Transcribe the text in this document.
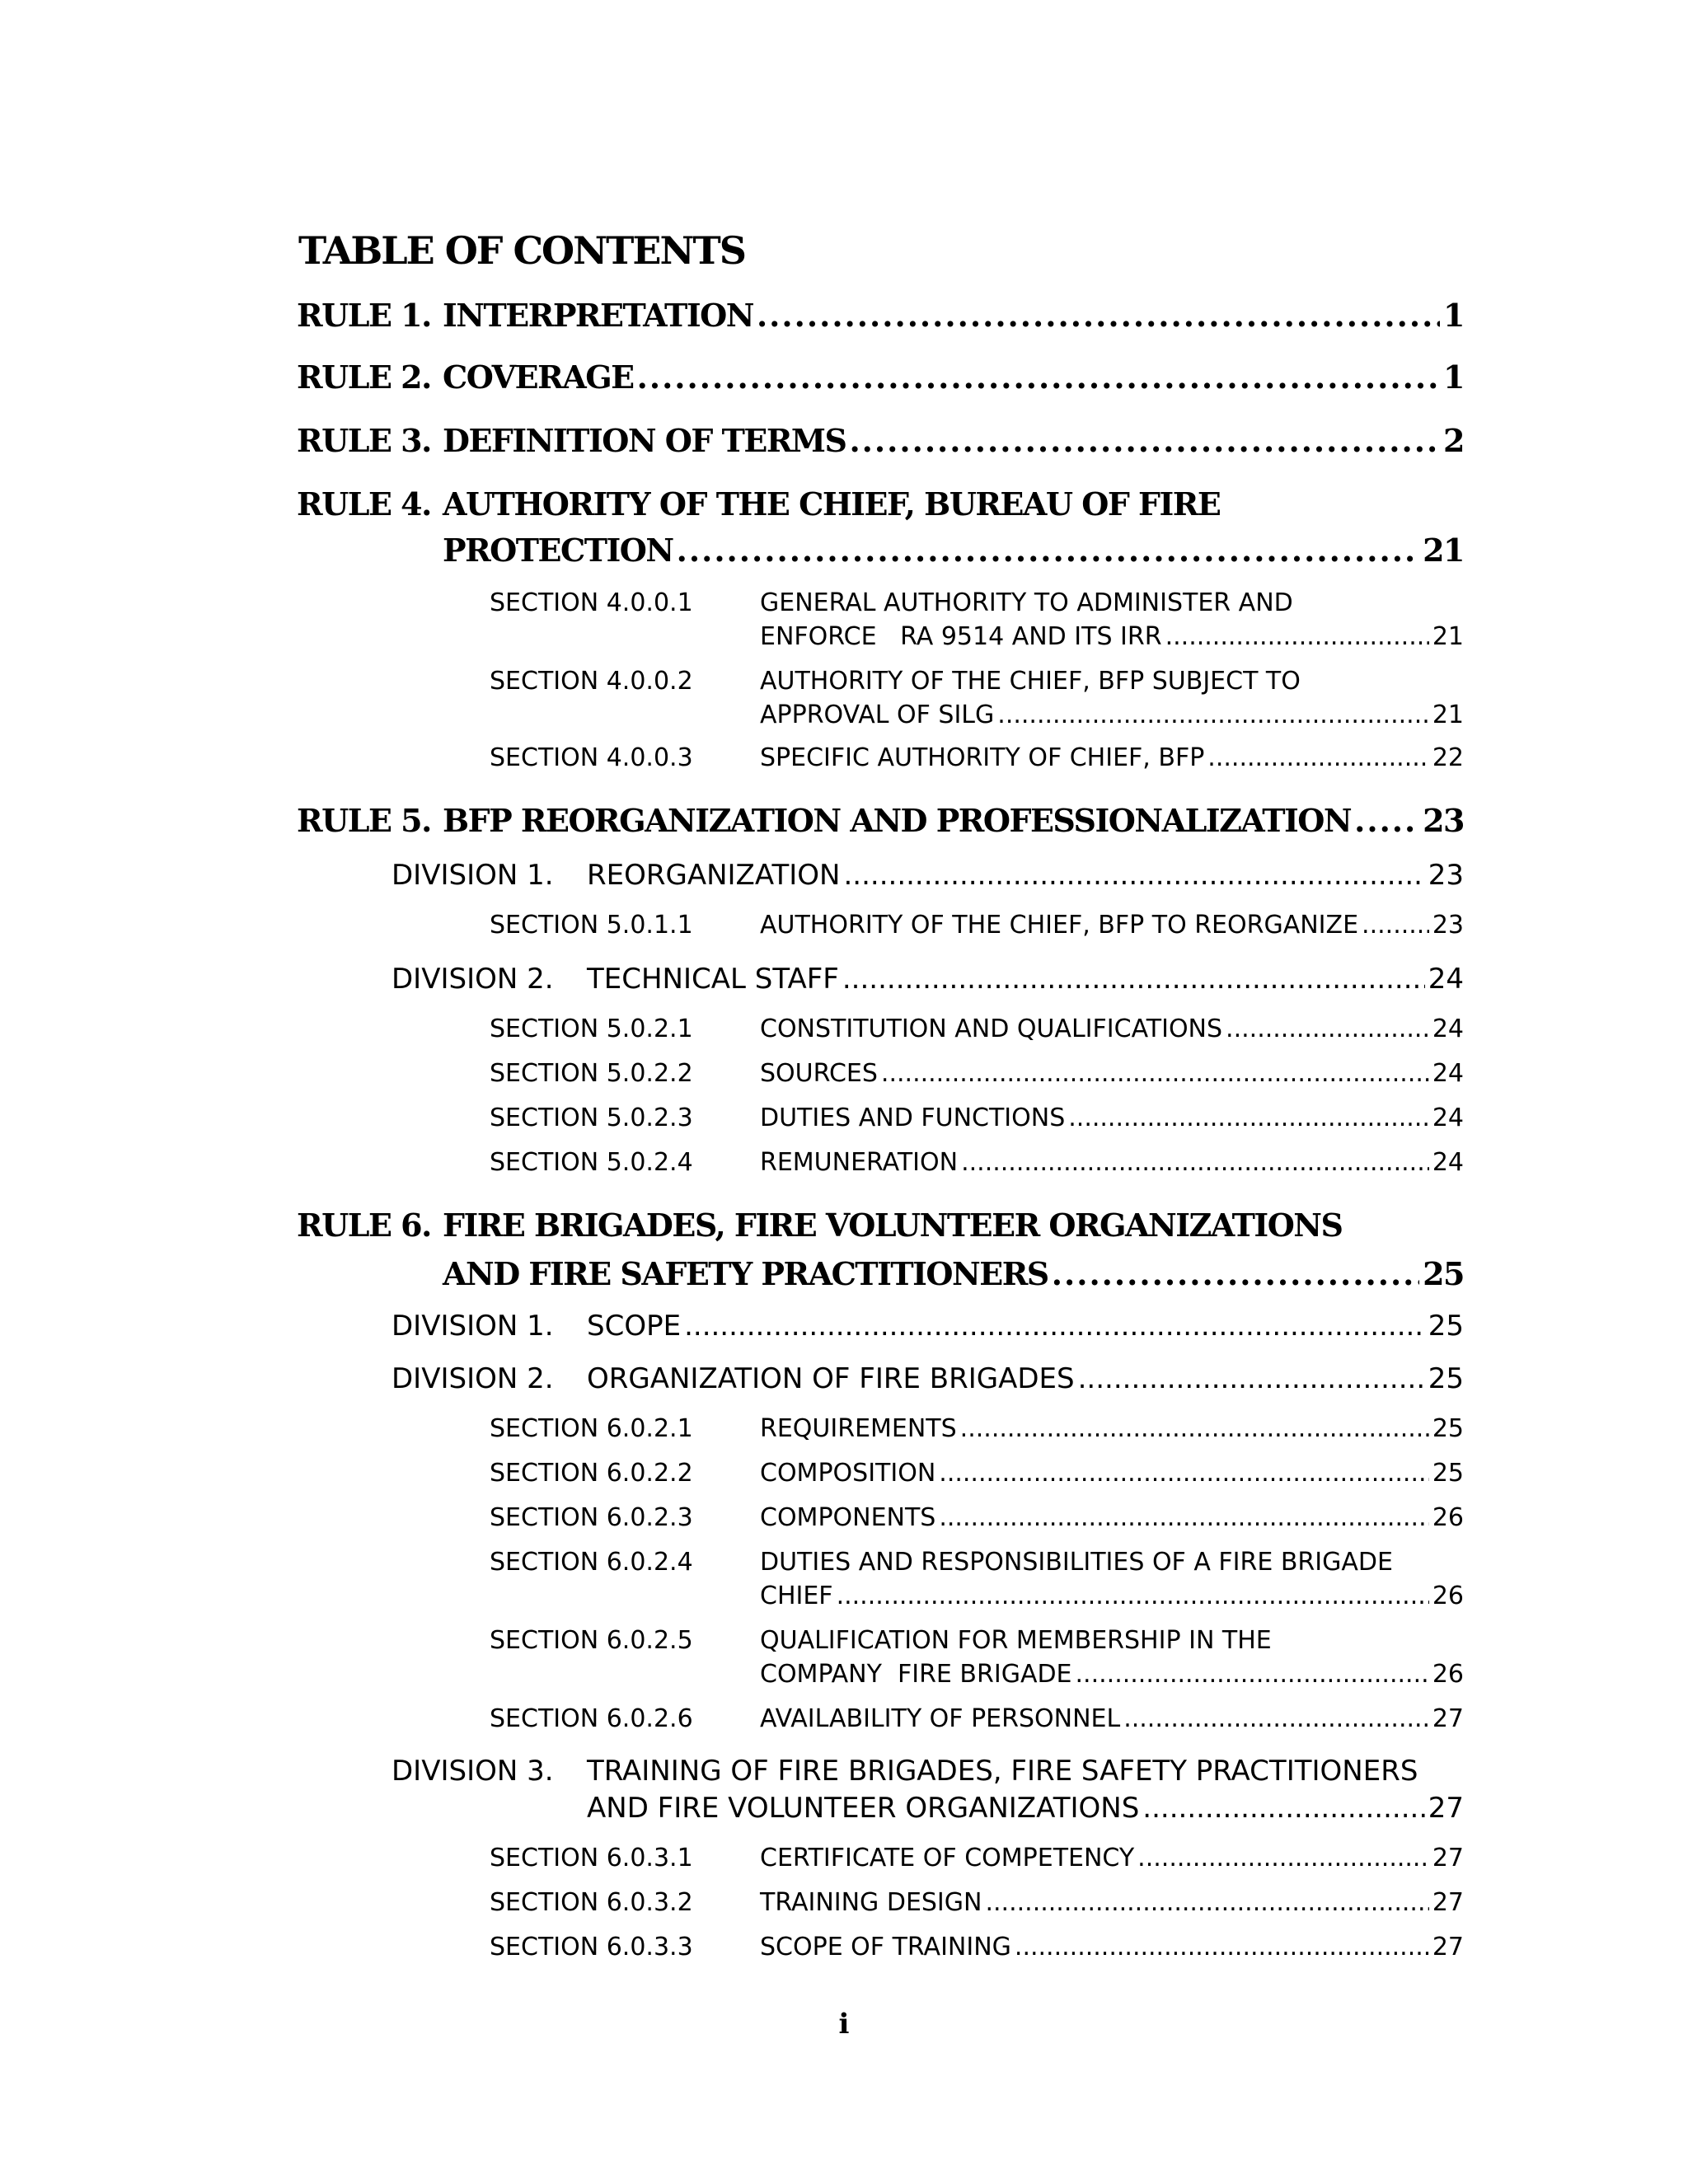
TABLE OF CONTENTS
RULE 1. INTERPRETATION .....	1
RULE 2. COVERAGE .....	1
RULE 3. DEFINITION OF TERMS .....	2
RULE 4. AUTHORITY OF THE CHIEF, BUREAU OF FIRE
PROTECTION .....	21
SECTION 4.0.0.1	GENERAL AUTHORITY TO ADMINISTER AND
ENFORCE   RA 9514 AND ITS IRR .....	21
SECTION 4.0.0.2	AUTHORITY OF THE CHIEF, BFP SUBJECT TO
APPROVAL OF SILG .....	21
SECTION 4.0.0.3	SPECIFIC AUTHORITY OF CHIEF, BFP .....	22
RULE 5. BFP REORGANIZATION AND PROFESSIONALIZATION ..... 23
DIVISION 1. REORGANIZATION .....	23
SECTION 5.0.1.1	AUTHORITY OF THE CHIEF, BFP TO REORGANIZE .....	23
DIVISION 2. TECHNICAL STAFF .....	24
SECTION 5.0.2.1	CONSTITUTION AND QUALIFICATIONS .....	24
SECTION 5.0.2.2	SOURCES .....	24
SECTION 5.0.2.3	DUTIES AND FUNCTIONS .....	24
SECTION 5.0.2.4	REMUNERATION .....	24
RULE 6. FIRE BRIGADES, FIRE VOLUNTEER ORGANIZATIONS
AND FIRE SAFETY PRACTITIONERS .....	25
DIVISION 1. SCOPE .....	25
DIVISION 2. ORGANIZATION OF FIRE BRIGADES .....	25
SECTION 6.0.2.1	REQUIREMENTS .....	25
SECTION 6.0.2.2	COMPOSITION .....	25
SECTION 6.0.2.3	COMPONENTS .....	26
SECTION 6.0.2.4	DUTIES AND RESPONSIBILITIES OF A FIRE BRIGADE
CHIEF .....	26
SECTION 6.0.2.5	QUALIFICATION FOR MEMBERSHIP IN THE
COMPANY  FIRE BRIGADE .....	26
SECTION 6.0.2.6	AVAILABILITY OF PERSONNEL .....	27
DIVISION 3. TRAINING OF FIRE BRIGADES, FIRE SAFETY PRACTITIONERS
AND FIRE VOLUNTEER ORGANIZATIONS .....	27
SECTION 6.0.3.1	CERTIFICATE OF COMPETENCY .....	27
SECTION 6.0.3.2	TRAINING DESIGN .....	27
SECTION 6.0.3.3	SCOPE OF TRAINING .....	27
i
